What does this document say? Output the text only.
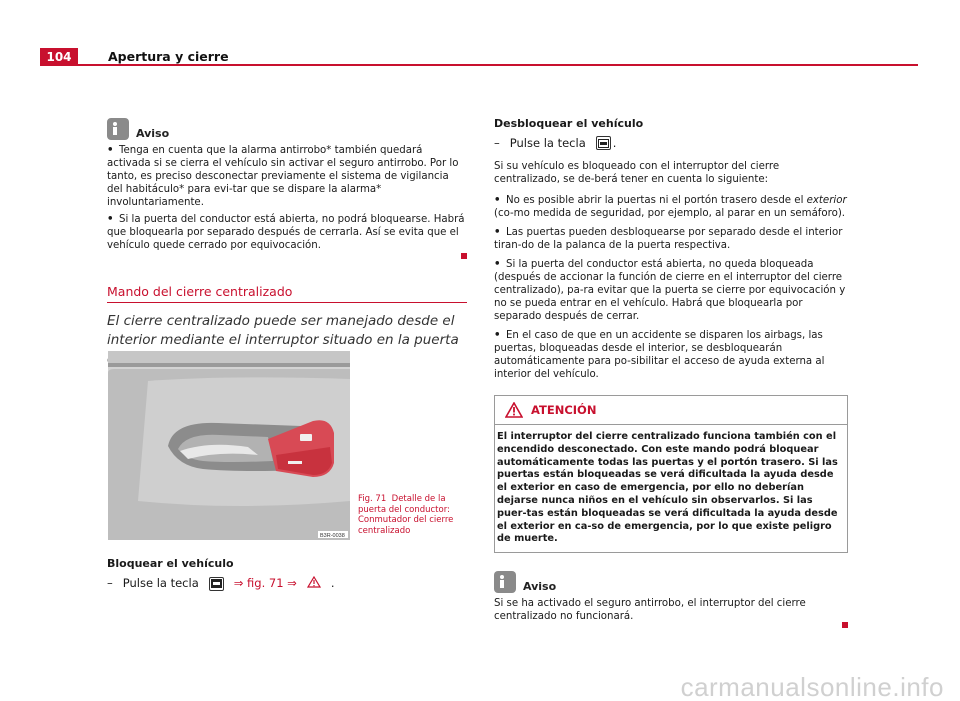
104	Apertura y cierre
Aviso
• Tenga en cuenta que la alarma antirrobo* también quedará activada si se cierra el vehículo sin activar el seguro antirrobo. Por lo tanto, es preciso desconectar previamente el sistema de vigilancia del habitáculo* para evi-tar que se dispare la alarma* involuntariamente.
• Si la puerta del conductor está abierta, no podrá bloquearse. Habrá que bloquearla por separado después de cerrarla. Así se evita que el vehículo quede cerrado por equivocación.
Mando del cierre centralizado
El cierre centralizado puede ser manejado desde el interior mediante el interruptor situado en la puerta
B3R-0038
Fig. 71 Detalle de la puerta del conductor: Conmutador del cierre centralizado
Bloquear el vehículo
– Pulse la tecla	⇒ fig. 71 ⇒	.
Desbloquear el vehículo
– Pulse la tecla .

Si su vehículo es bloqueado con el interruptor del cierre centralizado, se de-berá tener en cuenta lo siguiente:

• No es posible abrir la puertas ni el portón trasero desde el exterior (co-mo medida de seguridad, por ejemplo, al parar en un semáforo).
• Las puertas pueden desbloquearse por separado desde el interior tiran-do de la palanca de la puerta respectiva.
• Si la puerta del conductor está abierta, no queda bloqueada (después de accionar la función de cierre en el interruptor del cierre centralizado), pa-ra evitar que la puerta se cierre por equivocación y no se pueda entrar en el vehículo. Habrá que bloquearla por separado después de cerrar.
• En el caso de que en un accidente se disparen los airbags, las puertas, bloqueadas desde el interior, se desbloquearán automáticamente para po-sibilitar el acceso de ayuda externa al interior del vehículo.
ATENCIÓN
El interruptor del cierre centralizado funciona también con el encendido desconectado. Con este mando podrá bloquear automáticamente todas las puertas y el portón trasero. Si las puertas están bloqueadas se verá dificultada la ayuda desde el exterior en caso de emergencia, por ello no deberían dejarse nunca niños en el vehículo sin observarlos. Si las puer-tas están bloqueadas se verá dificultada la ayuda desde el exterior en ca-so de emergencia, por lo que existe peligro de muerte.
Aviso

Si se ha activado el seguro antirrobo, el interruptor del cierre centralizado no funcionará.

carmanualsonline.info
